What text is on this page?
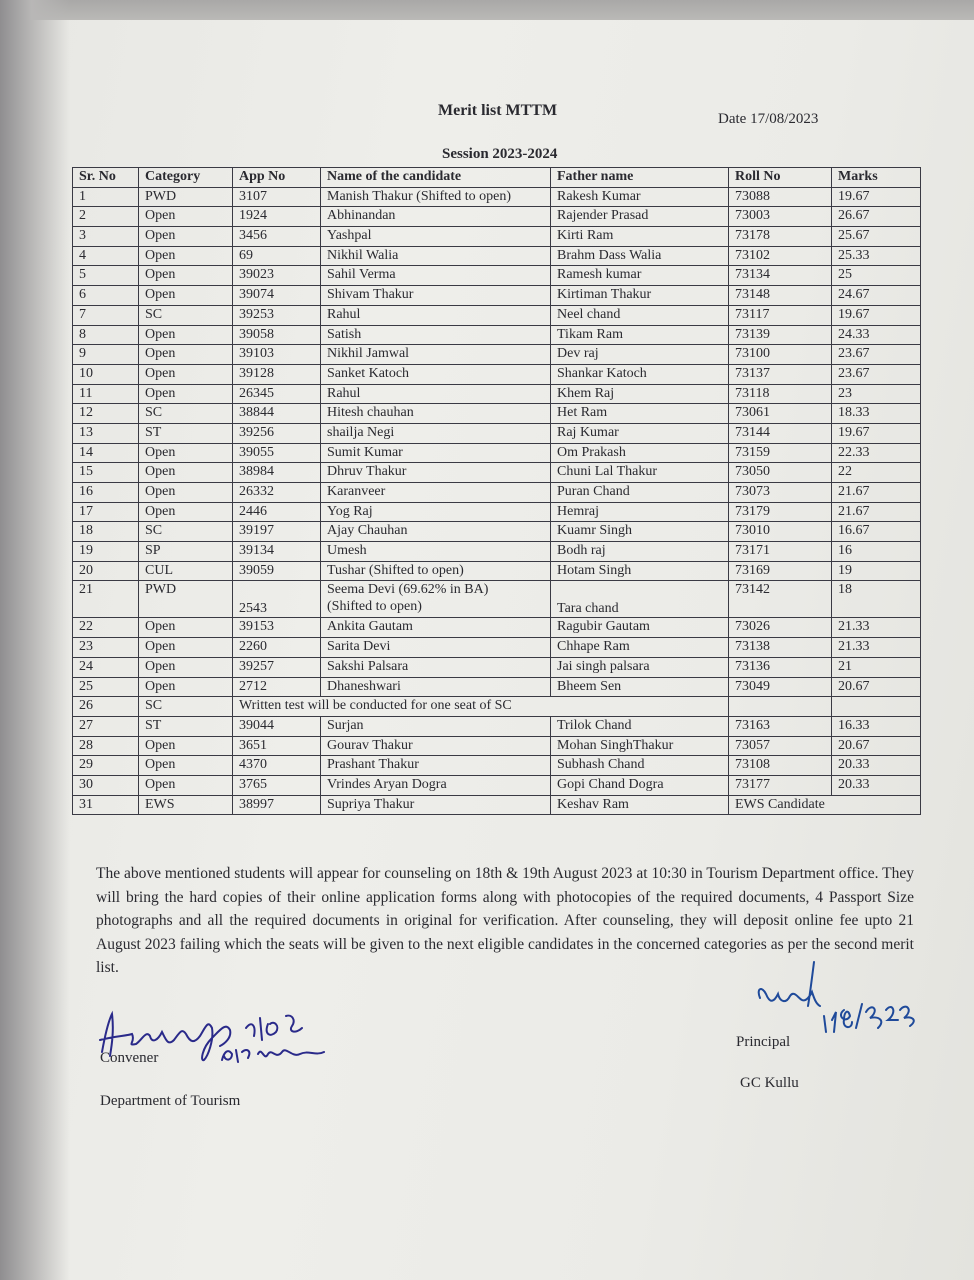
Merit list MTTM	Date 17/08/2023
Session 2023-2024
Sr. No	Category	App No	Name of the candidate	Father name	Roll No	Marks
1	PWD	3107	Manish Thakur (Shifted to open)	Rakesh Kumar	73088	19.67
2	Open	1924	Abhinandan	Rajender Prasad	73003	26.67
3	Open	3456	Yashpal	Kirti Ram	73178	25.67
4	Open	69	Nikhil Walia	Brahm Dass Walia	73102	25.33
5	Open	39023	Sahil Verma	Ramesh kumar	73134	25
6	Open	39074	Shivam Thakur	Kirtiman Thakur	73148	24.67
7	SC	39253	Rahul	Neel chand	73117	19.67
8	Open	39058	Satish	Tikam Ram	73139	24.33
9	Open	39103	Nikhil Jamwal	Dev raj	73100	23.67
10	Open	39128	Sanket Katoch	Shankar Katoch	73137	23.67
11	Open	26345	Rahul	Khem Raj	73118	23
12	SC	38844	Hitesh chauhan	Het Ram	73061	18.33
13	ST	39256	shailja Negi	Raj Kumar	73144	19.67
14	Open	39055	Sumit Kumar	Om Prakash	73159	22.33
15	Open	38984	Dhruv Thakur	Chuni Lal Thakur	73050	22
16	Open	26332	Karanveer	Puran Chand	73073	21.67
17	Open	2446	Yog Raj	Hemraj	73179	21.67
18	SC	39197	Ajay Chauhan	Kuamr Singh	73010	16.67
19	SP	39134	Umesh	Bodh raj	73171	16
20	CUL	39059	Tushar (Shifted to open)	Hotam Singh	73169	19
21	PWD	2543	Seema Devi (69.62% in BA)
(Shifted to open)	Tara chand	73142	18
22	Open	39153	Ankita Gautam	Ragubir Gautam	73026	21.33
23	Open	2260	Sarita Devi	Chhape Ram	73138	21.33
24	Open	39257	Sakshi Palsara	Jai singh palsara	73136	21
25	Open	2712	Dhaneshwari	Bheem Sen	73049	20.67
26	SC	Written test will be conducted for one seat of SC				
27	ST	39044	Surjan	Trilok Chand	73163	16.33
28	Open	3651	Gourav Thakur	Mohan SinghThakur	73057	20.67
29	Open	4370	Prashant Thakur	Subhash Chand	73108	20.33
30	Open	3765	Vrindes Aryan Dogra	Gopi Chand Dogra	73177	20.33
31	EWS	38997	Supriya Thakur	Keshav Ram	EWS Candidate	
The above mentioned students will appear for counseling on 18th & 19th August 2023 at 10:30 in Tourism Department office. They will bring the hard copies of their online application forms along with photocopies of the required documents, 4 Passport Size photographs and all the required documents in original for verification. After counseling, they will deposit online fee upto 21 August 2023 failing which the seats will be given to the next eligible candidates in the concerned categories as per the second merit list.
Convener
Department of Tourism
Principal
GC Kullu
